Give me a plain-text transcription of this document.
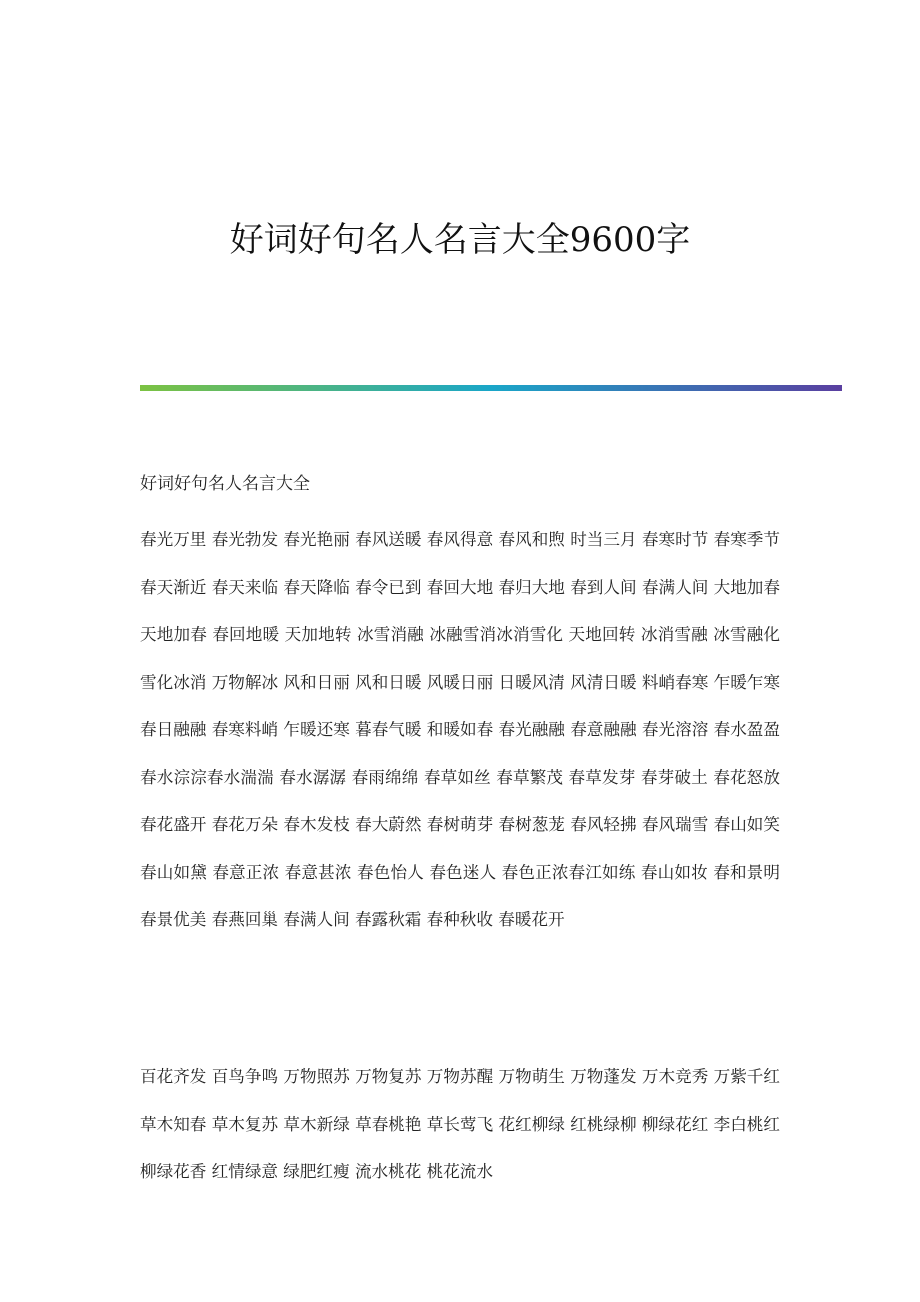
好词好句名人名言大全9600字
好词好句名人名言大全
春光万里 春光勃发 春光艳丽 春风送暖 春风得意 春风和煦 时当三月 春寒时节 春寒季节 春天渐近 春天来临 春天降临 春令已到 春回大地 春归大地 春到人间 春满人间 大地加春 天地加春 春回地暖 天加地转 冰雪消融 冰融雪消冰消雪化 天地回转 冰消雪融 冰雪融化 雪化冰消 万物解冰 风和日丽 风和日暖 风暖日丽 日暖风清 风清日暖 料峭春寒 乍暖乍寒 春日融融 春寒料峭 乍暖还寒 暮春气暖 和暖如春 春光融融 春意融融 春光溶溶 春水盈盈 春水淙淙春水湍湍 春水潺潺 春雨绵绵 春草如丝 春草繁茂 春草发芽 春芽破土 春花怒放 春花盛开 春花万朵 春木发枝 春大蔚然 春树萌芽 春树葱茏 春风轻拂 春风瑞雪 春山如笑 春山如黛 春意正浓 春意甚浓 春色怡人 春色迷人 春色正浓春江如练 春山如妆 春和景明 春景优美 春燕回巢 春满人间 春露秋霜 春种秋收 春暖花开
百花齐发 百鸟争鸣 万物照苏 万物复苏 万物苏醒 万物萌生 万物蓬发 万木竞秀 万紫千红 草木知春 草木复苏 草木新绿 草春桃艳 草长莺飞 花红柳绿 红桃绿柳 柳绿花红 李白桃红 柳绿花香 红情绿意 绿肥红瘦 流水桃花 桃花流水
